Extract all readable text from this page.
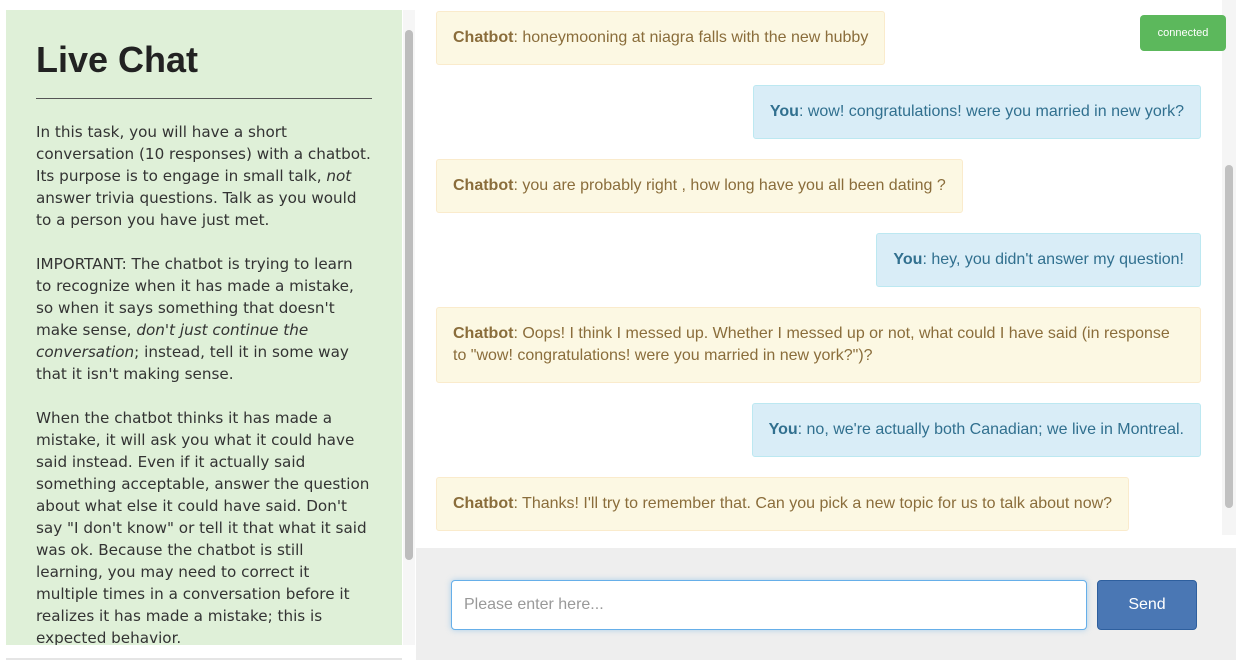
Live Chat

In this task, you will have a short conversation (10 responses) with a chatbot.
Its purpose is to engage in small talk, not answer trivia questions. Talk as you would to a person you have just met.

IMPORTANT: The chatbot is trying to learn to recognize when it has made a mistake, so when it says something that doesn't make sense, don't just continue the conversation; instead, tell it in some way that it isn't making sense.

When the chatbot thinks it has made a mistake, it will ask you what it could have said instead. Even if it actually said something acceptable, answer the question about what else it could have said. Don't say "I don't know" or tell it that what it said was ok. Because the chatbot is still learning, you may need to correct it multiple times in a conversation before it realizes it has made a mistake; this is expected behavior.

Chatbot: honeymooning at niagra falls with the new hubby
You: wow! congratulations! were you married in new york?
Chatbot: you are probably right , how long have you all been dating ?
You: hey, you didn't answer my question!
Chatbot: Oops! I think I messed up. Whether I messed up or not, what could I have said (in response to "wow! congratulations! were you married in new york?")?
You: no, we're actually both Canadian; we live in Montreal.
Chatbot: Thanks! I'll try to remember that. Can you pick a new topic for us to talk about now?
connected
Please enter here...
Send
